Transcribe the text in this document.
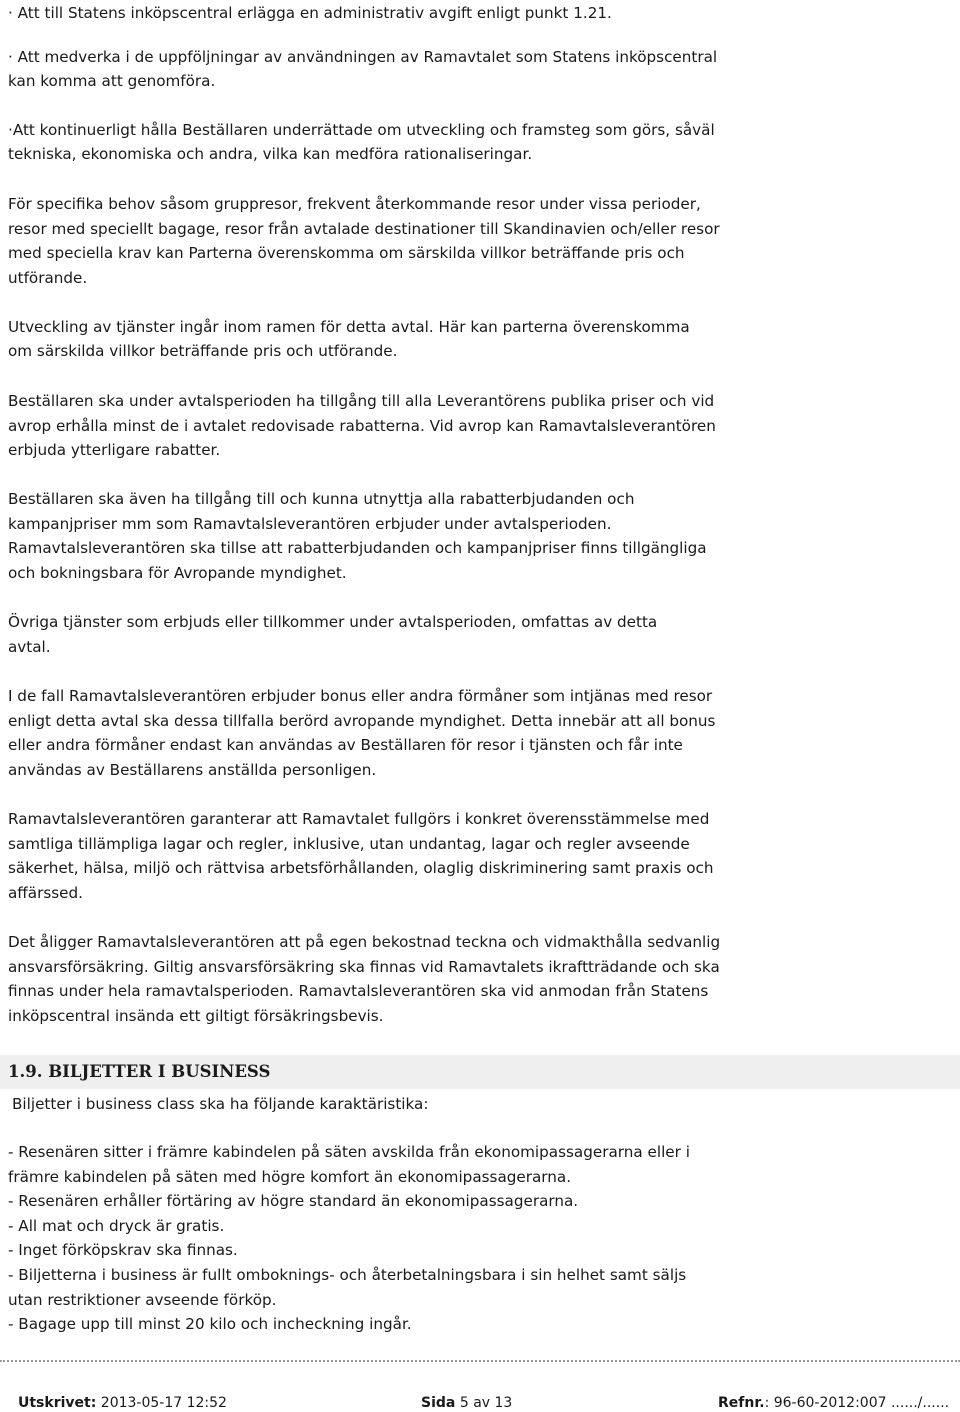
· Att till Statens inköpscentral erlägga en administrativ avgift enligt punkt 1.21.
· Att medverka i de uppföljningar av användningen av Ramavtalet som Statens inköpscentral
kan komma att genomföra.
·Att kontinuerligt hålla Beställaren underrättade om utveckling och framsteg som görs, såväl
tekniska, ekonomiska och andra, vilka kan medföra rationaliseringar.
För specifika behov såsom gruppresor, frekvent återkommande resor under vissa perioder,
resor med speciellt bagage, resor från avtalade destinationer till Skandinavien och/eller resor
med speciella krav kan Parterna överenskomma om särskilda villkor beträffande pris och
utförande.
Utveckling av tjänster ingår inom ramen för detta avtal. Här kan parterna överenskomma
om särskilda villkor beträffande pris och utförande.
Beställaren ska under avtalsperioden ha tillgång till alla Leverantörens publika priser och vid
avrop erhålla minst de i avtalet redovisade rabatterna. Vid avrop kan Ramavtalsleverantören
erbjuda ytterligare rabatter.
Beställaren ska även ha tillgång till och kunna utnyttja alla rabatterbjudanden och
kampanjpriser mm som Ramavtalsleverantören erbjuder under avtalsperioden.
Ramavtalsleverantören ska tillse att rabatterbjudanden och kampanjpriser finns tillgängliga
och bokningsbara för Avropande myndighet.
Övriga tjänster som erbjuds eller tillkommer under avtalsperioden, omfattas av detta
avtal.
I de fall Ramavtalsleverantören erbjuder bonus eller andra förmåner som intjänas med resor
enligt detta avtal ska dessa tillfalla berörd avropande myndighet. Detta innebär att all bonus
eller andra förmåner endast kan användas av Beställaren för resor i tjänsten och får inte
användas av Beställarens anställda personligen.
Ramavtalsleverantören garanterar att Ramavtalet fullgörs i konkret överensstämmelse med
samtliga tillämpliga lagar och regler, inklusive, utan undantag, lagar och regler avseende
säkerhet, hälsa, miljö och rättvisa arbetsförhållanden, olaglig diskriminering samt praxis och
affärssed.
Det åligger Ramavtalsleverantören att på egen bekostnad teckna och vidmakthålla sedvanlig
ansvarsförsäkring. Giltig ansvarsförsäkring ska finnas vid Ramavtalets ikraftträdande och ska
finnas under hela ramavtalsperioden. Ramavtalsleverantören ska vid anmodan från Statens
inköpscentral insända ett giltigt försäkringsbevis.
1.9. BILJETTER I BUSINESS
Biljetter i business class ska ha följande karaktäristika:
- Resenären sitter i främre kabindelen på säten avskilda från ekonomipassagerarna eller i
främre kabindelen på säten med högre komfort än ekonomipassagerarna.
- Resenären erhåller förtäring av högre standard än ekonomipassagerarna.
- All mat och dryck är gratis.
- Inget förköpskrav ska finnas.
- Biljetterna i business är fullt omboknings- och återbetalningsbara i sin helhet samt säljs
utan restriktioner avseende förköp.
- Bagage upp till minst 20 kilo och incheckning ingår.
Utskrivet: 2013-05-17 12:52	Sida 5 av 13	Refnr.: 96-60-2012:007 ....../......
